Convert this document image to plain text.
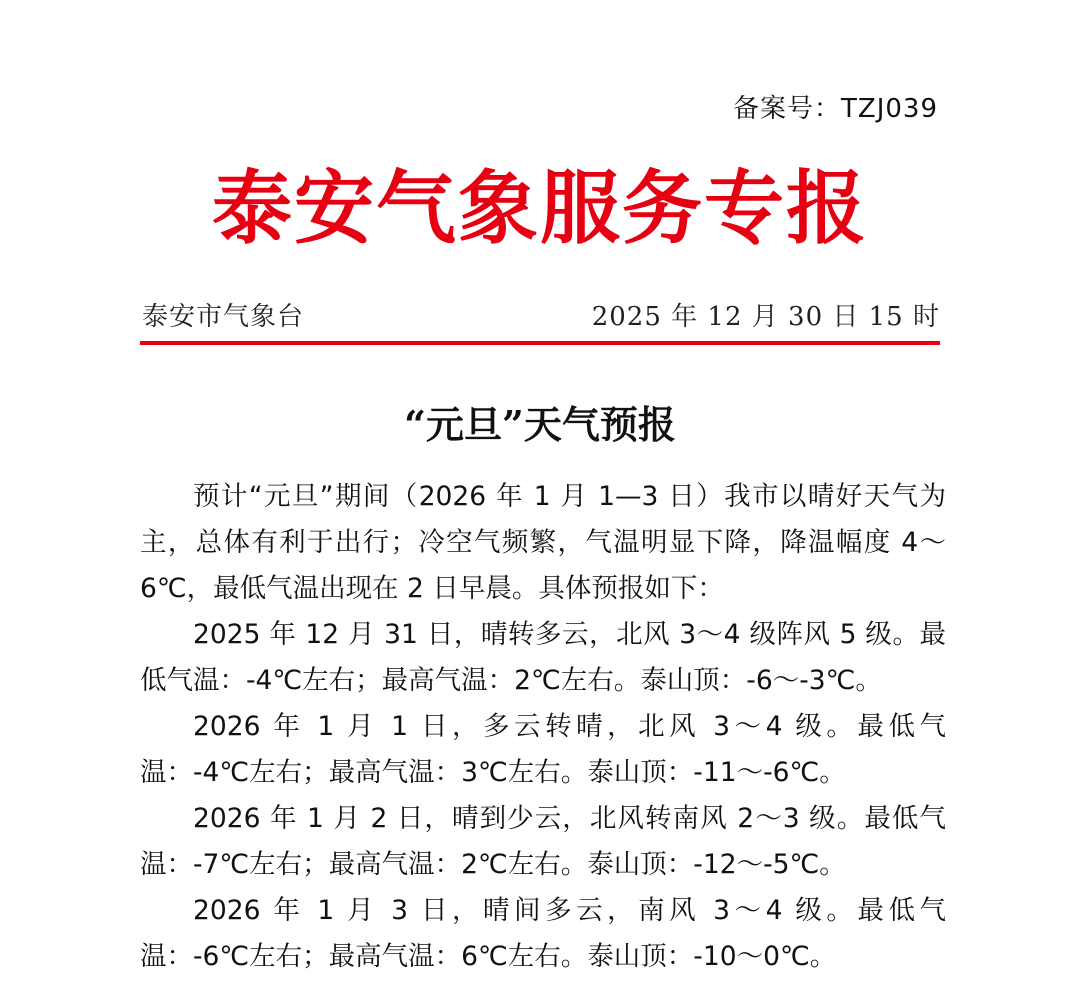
备案号：TZJ039
泰安气象服务专报
泰安市气象台	2025 年 12 月 30 日 15 时
“元旦”天气预报

预计“元旦”期间（2026 年 1 月 1—3 日）我市以晴好天气为主，总体有利于出行；冷空气频繁，气温明显下降，降温幅度 4～6℃，最低气温出现在 2 日早晨。具体预报如下：

2025 年 12 月 31 日，晴转多云，北风 3～4 级阵风 5 级。最低气温：-4℃左右；最高气温：2℃左右。泰山顶：-6～-3℃。

2026 年 1 月 1 日，多云转晴，北风 3～4 级。最低气温：-4℃左右；最高气温：3℃左右。泰山顶：-11～-6℃。

2026 年 1 月 2 日，晴到少云，北风转南风 2～3 级。最低气温：-7℃左右；最高气温：2℃左右。泰山顶：-12～-5℃。

2026 年 1 月 3 日，晴间多云，南风 3～4 级。最低气温：-6℃左右；最高气温：6℃左右。泰山顶：-10～0℃。
